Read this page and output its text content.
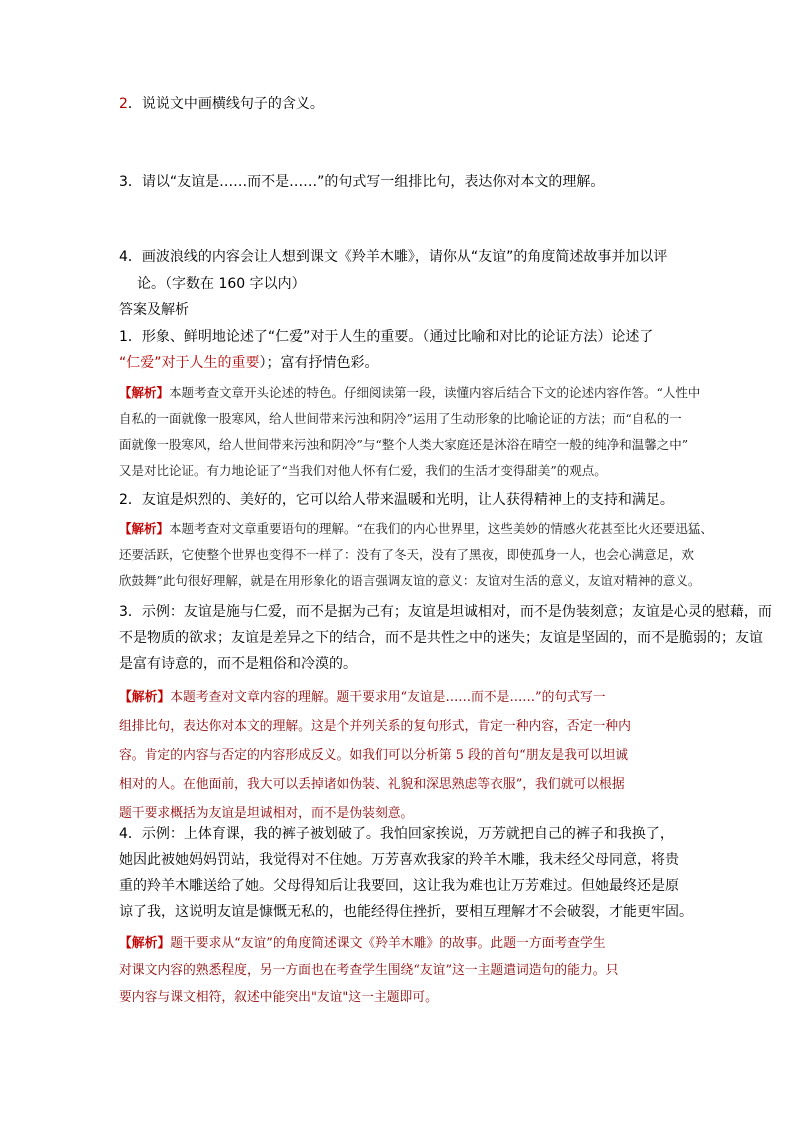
2．说说文中画横线句子的含义。
3．请以“友谊是……而不是……”的句式写一组排比句，表达你对本文的理解。
4．画波浪线的内容会让人想到课文《羚羊木雕》，请你从“友谊”的角度简述故事并加以评
论。（字数在 160 字以内）
答案及解析
1．形象、鲜明地论述了“仁爱”对于人生的重要。（通过比喻和对比的论证方法）论述了
“仁爱”对于人生的重要）；富有抒情色彩。
【解析】本题考查文章开头论述的特色。仔细阅读第一段，读懂内容后结合下文的论述内容作答。“人性中
自私的一面就像一股寒风，给人世间带来污浊和阴冷”运用了生动形象的比喻论证的方法；而“自私的一
面就像一股寒风，给人世间带来污浊和阴冷”与“整个人类大家庭还是沐浴在晴空一般的纯净和温馨之中”
又是对比论证。有力地论证了“当我们对他人怀有仁爱，我们的生活才变得甜美”的观点。
2．友谊是炽烈的、美好的，它可以给人带来温暖和光明，让人获得精神上的支持和满足。
【解析】本题考查对文章重要语句的理解。“在我们的内心世界里，这些美妙的情感火花甚至比火还要迅猛、
还要活跃，它使整个世界也变得不一样了：没有了冬天，没有了黑夜，即使孤身一人，也会心满意足，欢
欣鼓舞”此句很好理解，就是在用形象化的语言强调友谊的意义：友谊对生活的意义，友谊对精神的意义。
3．示例：友谊是施与仁爱，而不是据为己有；友谊是坦诚相对，而不是伪装刻意；友谊是心灵的慰藉，而
不是物质的欲求；友谊是差异之下的结合，而不是共性之中的迷失；友谊是坚固的，而不是脆弱的；友谊
是富有诗意的，而不是粗俗和冷漠的。
【解析】本题考查对文章内容的理解。题干要求用“友谊是……而不是……”的句式写一
组排比句，表达你对本文的理解。这是个并列关系的复句形式，肯定一种内容，否定一种内
容。肯定的内容与否定的内容形成反义。如我们可以分析第 5 段的首句“朋友是我可以坦诚
相对的人。在他面前，我大可以丢掉诸如伪装、礼貌和深思熟虑等衣服”，我们就可以根据
题干要求概括为友谊是坦诚相对，而不是伪装刻意。
4．示例：上体育课，我的裤子被划破了。我怕回家挨说，万芳就把自己的裤子和我换了，
她因此被她妈妈罚站，我觉得对不住她。万芳喜欢我家的羚羊木雕，我未经父母同意，将贵
重的羚羊木雕送给了她。父母得知后让我要回，这让我为难也让万芳难过。但她最终还是原
谅了我，这说明友谊是慷慨无私的，也能经得住挫折，要相互理解才不会破裂，才能更牢固。
【解析】题干要求从“友谊”的角度简述课文《羚羊木雕》的故事。此题一方面考查学生
对课文内容的熟悉程度，另一方面也在考查学生围绕“友谊”这一主题遣词造句的能力。只
要内容与课文相符，叙述中能突出"友谊"这一主题即可。
